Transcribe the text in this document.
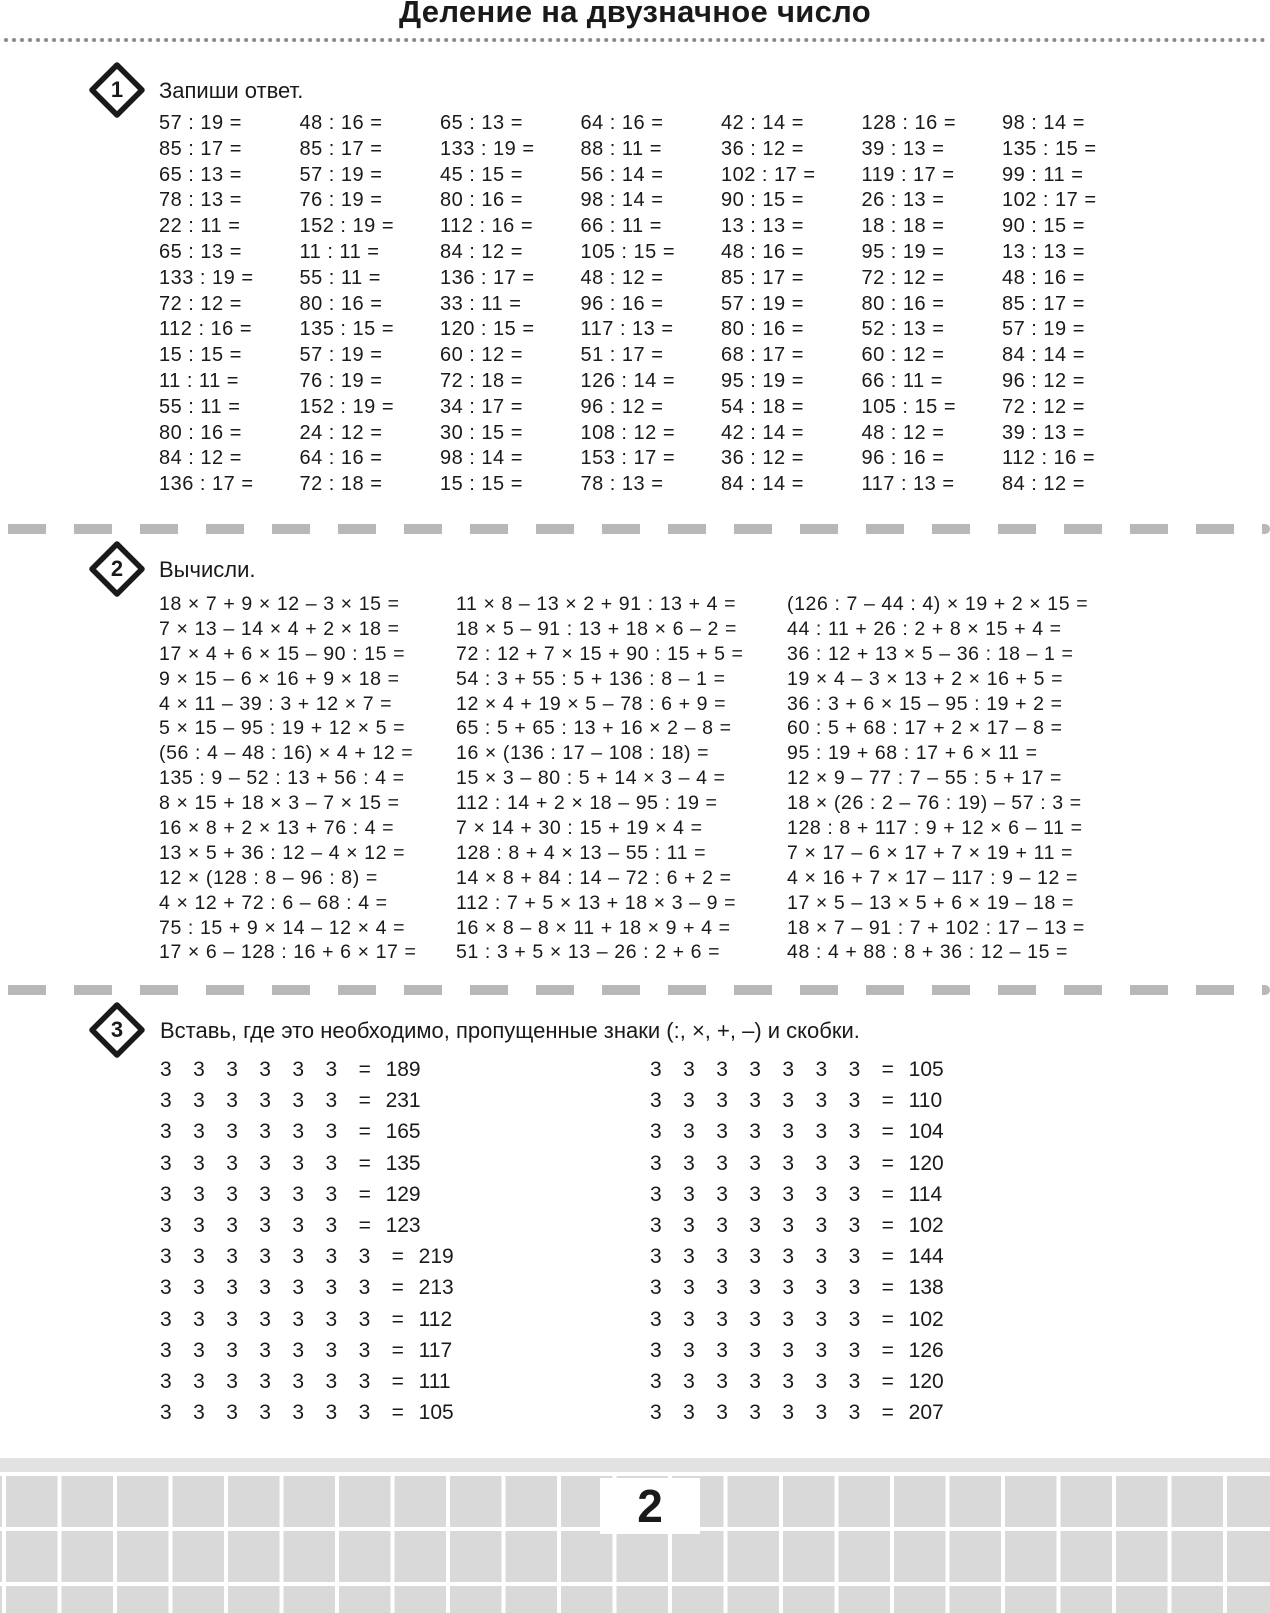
Деление на двузначное число
1	Запиши ответ.
57 : 19 =	48 : 16 =	65 : 13 =	64 : 16 =	42 : 14 =	128 : 16 =	98 : 14 =
85 : 17 =	85 : 17 =	133 : 19 =	88 : 11 =	36 : 12 =	39 : 13 =	135 : 15 =
65 : 13 =	57 : 19 =	45 : 15 =	56 : 14 =	102 : 17 =	119 : 17 =	99 : 11 =
78 : 13 =	76 : 19 =	80 : 16 =	98 : 14 =	90 : 15 =	26 : 13 =	102 : 17 =
22 : 11 =	152 : 19 =	112 : 16 =	66 : 11 =	13 : 13 =	18 : 18 =	90 : 15 =
65 : 13 =	11 : 11 =	84 : 12 =	105 : 15 =	48 : 16 =	95 : 19 =	13 : 13 =
133 : 19 =	55 : 11 =	136 : 17 =	48 : 12 =	85 : 17 =	72 : 12 =	48 : 16 =
72 : 12 =	80 : 16 =	33 : 11 =	96 : 16 =	57 : 19 =	80 : 16 =	85 : 17 =
112 : 16 =	135 : 15 =	120 : 15 =	117 : 13 =	80 : 16 =	52 : 13 =	57 : 19 =
15 : 15 =	57 : 19 =	60 : 12 =	51 : 17 =	68 : 17 =	60 : 12 =	84 : 14 =
11 : 11 =	76 : 19 =	72 : 18 =	126 : 14 =	95 : 19 =	66 : 11 =	96 : 12 =
55 : 11 =	152 : 19 =	34 : 17 =	96 : 12 =	54 : 18 =	105 : 15 =	72 : 12 =
80 : 16 =	24 : 12 =	30 : 15 =	108 : 12 =	42 : 14 =	48 : 12 =	39 : 13 =
84 : 12 =	64 : 16 =	98 : 14 =	153 : 17 =	36 : 12 =	96 : 16 =	112 : 16 =
136 : 17 =	72 : 18 =	15 : 15 =	78 : 13 =	84 : 14 =	117 : 13 =	84 : 12 =
2	Вычисли.
18 × 7 + 9 × 12 – 3 × 15 =	11 × 8 – 13 × 2 + 91 : 13 + 4 =	(126 : 7 – 44 : 4) × 19 + 2 × 15 =
7 × 13 – 14 × 4 + 2 × 18 =	18 × 5 – 91 : 13 + 18 × 6 – 2 =	44 : 11 + 26 : 2 + 8 × 15 + 4 =
17 × 4 + 6 × 15 – 90 : 15 =	72 : 12 + 7 × 15 + 90 : 15 + 5 =	36 : 12 + 13 × 5 – 36 : 18 – 1 =
9 × 15 – 6 × 16 + 9 × 18 =	54 : 3 + 55 : 5 + 136 : 8 – 1 =	19 × 4 – 3 × 13 + 2 × 16 + 5 =
4 × 11 – 39 : 3 + 12 × 7 =	12 × 4 + 19 × 5 – 78 : 6 + 9 =	36 : 3 + 6 × 15 – 95 : 19 + 2 =
5 × 15 – 95 : 19 + 12 × 5 =	65 : 5 + 65 : 13 + 16 × 2 – 8 =	60 : 5 + 68 : 17 + 2 × 17 – 8 =
(56 : 4 – 48 : 16) × 4 + 12 =	16 × (136 : 17 – 108 : 18) =	95 : 19 + 68 : 17 + 6 × 11 =
135 : 9 – 52 : 13 + 56 : 4 =	15 × 3 – 80 : 5 + 14 × 3 – 4 =	12 × 9 – 77 : 7 – 55 : 5 + 17 =
8 × 15 + 18 × 3 – 7 × 15 =	112 : 14 + 2 × 18 – 95 : 19 =	18 × (26 : 2 – 76 : 19) – 57 : 3 =
16 × 8 + 2 × 13 + 76 : 4 =	7 × 14 + 30 : 15 + 19 × 4 =	128 : 8 + 117 : 9 + 12 × 6 – 11 =
13 × 5 + 36 : 12 – 4 × 12 =	128 : 8 + 4 × 13 – 55 : 11 =	7 × 17 – 6 × 17 + 7 × 19 + 11 =
12 × (128 : 8 – 96 : 8) =	14 × 8 + 84 : 14 – 72 : 6 + 2 =	4 × 16 + 7 × 17 – 117 : 9 – 12 =
4 × 12 + 72 : 6 – 68 : 4 =	112 : 7 + 5 × 13 + 18 × 3 – 9 =	17 × 5 – 13 × 5 + 6 × 19 – 18 =
75 : 15 + 9 × 14 – 12 × 4 =	16 × 8 – 8 × 11 + 18 × 9 + 4 =	18 × 7 – 91 : 7 + 102 : 17 – 13 =
17 × 6 – 128 : 16 + 6 × 17 =	51 : 3 + 5 × 13 – 26 : 2 + 6 =	48 : 4 + 88 : 8 + 36 : 12 – 15 =
3	Вставь, где это необходимо, пропущенные знаки (:, ×, +, –) и скобки.
3	3	3	3	3	3	= 189
3	3	3	3	3	3	= 231
3	3	3	3	3	3	= 165
3	3	3	3	3	3	= 135
3	3	3	3	3	3	= 129
3	3	3	3	3	3	= 123
3	3	3	3	3	3	3	= 219
3	3	3	3	3	3	3	= 213
3	3	3	3	3	3	3	= 112
3	3	3	3	3	3	3	= 117
3	3	3	3	3	3	3	= 111
3	3	3	3	3	3	3	= 105
3	3	3	3	3	3	3	= 105
3	3	3	3	3	3	3	= 110
3	3	3	3	3	3	3	= 104
3	3	3	3	3	3	3	= 120
3	3	3	3	3	3	3	= 114
3	3	3	3	3	3	3	= 102
3	3	3	3	3	3	3	= 144
3	3	3	3	3	3	3	= 138
3	3	3	3	3	3	3	= 102
3	3	3	3	3	3	3	= 126
3	3	3	3	3	3	3	= 120
3	3	3	3	3	3	3	= 207
2
